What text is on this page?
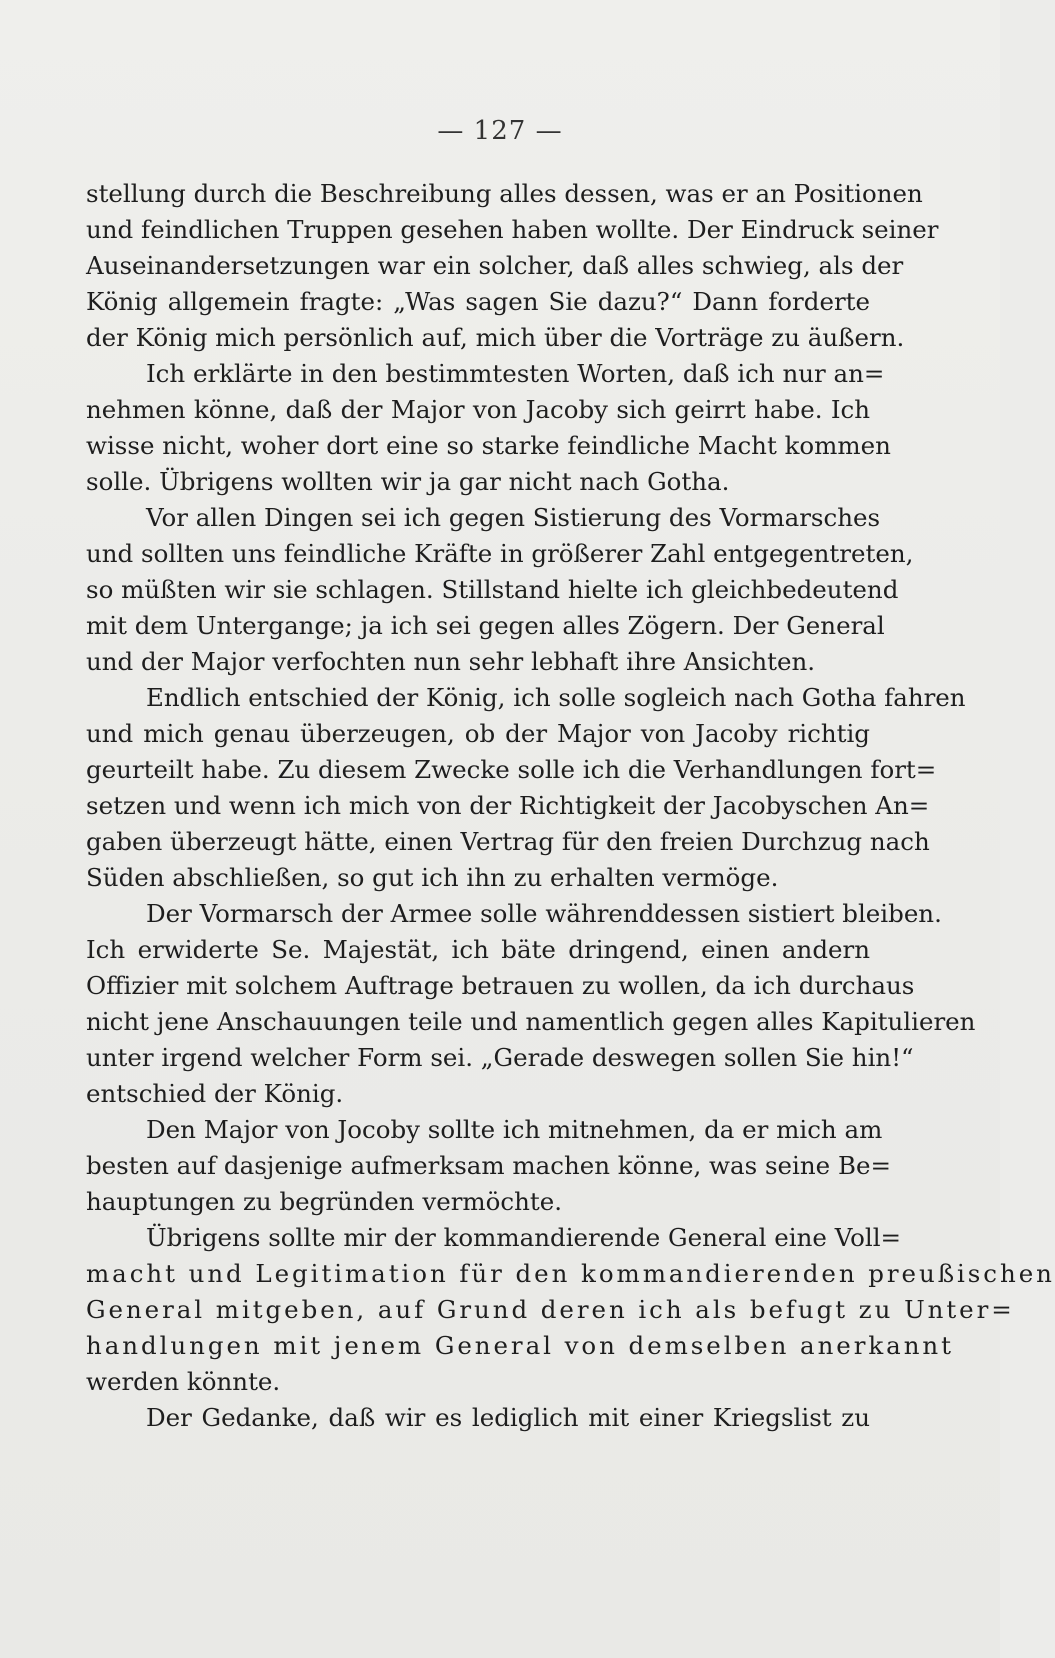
— 127 —
stellung durch die Beschreibung alles dessen, was er an Positionen
und feindlichen Truppen gesehen haben wollte. Der Eindruck seiner
Auseinandersetzungen war ein solcher, daß alles schwieg, als der
König allgemein fragte: „Was sagen Sie dazu?“ Dann forderte
der König mich persönlich auf, mich über die Vorträge zu äußern.
Ich erklärte in den bestimmtesten Worten, daß ich nur an=
nehmen könne, daß der Major von Jacoby sich geirrt habe. Ich
wisse nicht, woher dort eine so starke feindliche Macht kommen
solle. Übrigens wollten wir ja gar nicht nach Gotha.
Vor allen Dingen sei ich gegen Sistierung des Vormarsches
und sollten uns feindliche Kräfte in größerer Zahl entgegentreten,
so müßten wir sie schlagen. Stillstand hielte ich gleichbedeutend
mit dem Untergange; ja ich sei gegen alles Zögern. Der General
und der Major verfochten nun sehr lebhaft ihre Ansichten.
Endlich entschied der König, ich solle sogleich nach Gotha fahren
und mich genau überzeugen, ob der Major von Jacoby richtig
geurteilt habe. Zu diesem Zwecke solle ich die Verhandlungen fort=
setzen und wenn ich mich von der Richtigkeit der Jacobyschen An=
gaben überzeugt hätte, einen Vertrag für den freien Durchzug nach
Süden abschließen, so gut ich ihn zu erhalten vermöge.
Der Vormarsch der Armee solle währenddessen sistiert bleiben.
Ich erwiderte Se. Majestät, ich bäte dringend, einen andern
Offizier mit solchem Auftrage betrauen zu wollen, da ich durchaus
nicht jene Anschauungen teile und namentlich gegen alles Kapitulieren
unter irgend welcher Form sei. „Gerade deswegen sollen Sie hin!“
entschied der König.
Den Major von Jocoby sollte ich mitnehmen, da er mich am
besten auf dasjenige aufmerksam machen könne, was seine Be=
hauptungen zu begründen vermöchte.
Übrigens sollte mir der kommandierende General eine Voll=
macht und Legitimation für den kommandierenden preußischen
General mitgeben, auf Grund deren ich als befugt zu Unter=
handlungen mit jenem General von demselben anerkannt
werden könnte.
Der Gedanke, daß wir es lediglich mit einer Kriegslist zu
